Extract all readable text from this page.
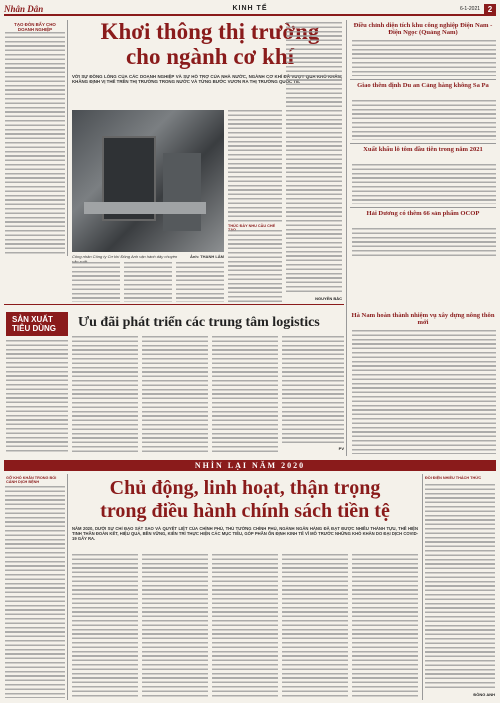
Nhân Dân	KINH TẾ	6-1-2021 2
TẠO ĐÒN BẨY CHO DOANH NGHIỆP	Khơi thông thị trường
cho ngành cơ khí
VỚI SỰ ĐỒNG LÒNG CỦA CÁC DOANH NGHIỆP VÀ SỰ HỖ TRỢ CỦA NHÀ NƯỚC, NGÀNH CƠ KHÍ ĐÃ VƯỢT QUA KHÓ KHĂN, KHẲNG ĐỊNH VỊ THẾ TRÊN THỊ TRƯỜNG TRONG NƯỚC VÀ TỪNG BƯỚC VƯƠN RA THỊ TRƯỜNG QUỐC TẾ.
Công nhân Công ty Cơ khí Đông Anh vận hành dây chuyền sản xuất.
Ảnh: THANH LÂM
THÚC ĐẨY NHU CẦU CHẾ TẠO
NGUYỄN BẮC
Điều chỉnh diện tích khu công nghiệp Điện Nam - Điện Ngọc (Quảng Nam)
Giao thêm định Du an Cảng hàng không Sa Pa
Xuất khẩu lô tôm đầu tiên trong năm 2021
Hải Dương có thêm 66 sản phẩm OCOP
Hà Nam hoàn thành nhiệm vụ xây dựng nông thôn mới
SẢN XUẤT
TIÊU DÙNG	Ưu đãi phát triển các trung tâm logistics
PV
NHÌN LẠI NĂM 2020
GỠ KHÓ KHĂN TRONG BỐI CẢNH DỊCH BỆNH	Chủ động, linh hoạt, thận trọng
trong điều hành chính sách tiền tệ
NĂM 2020, DƯỚI SỰ CHỈ ĐẠO SÁT SAO VÀ QUYẾT LIỆT CỦA CHÍNH PHỦ, THỦ TƯỚNG CHÍNH PHỦ, NGÀNH NGÂN HÀNG ĐÃ ĐẠT ĐƯỢC NHIỀU THÀNH TỰU, THỂ HIỆN TINH THẦN ĐOÀN KẾT, HIỆU QUẢ, BỀN VỮNG, KIÊN TRÌ THỰC HIỆN CÁC MỤC TIÊU, GÓP PHẦN ỔN ĐỊNH KINH TẾ VĨ MÔ TRƯỚC NHỮNG KHÓ KHĂN DO ĐẠI DỊCH COVID-19 GÂY RA.
ĐỒI ĐIỆN NHIỀU THÁCH THỨC
ĐÔNG ANH
